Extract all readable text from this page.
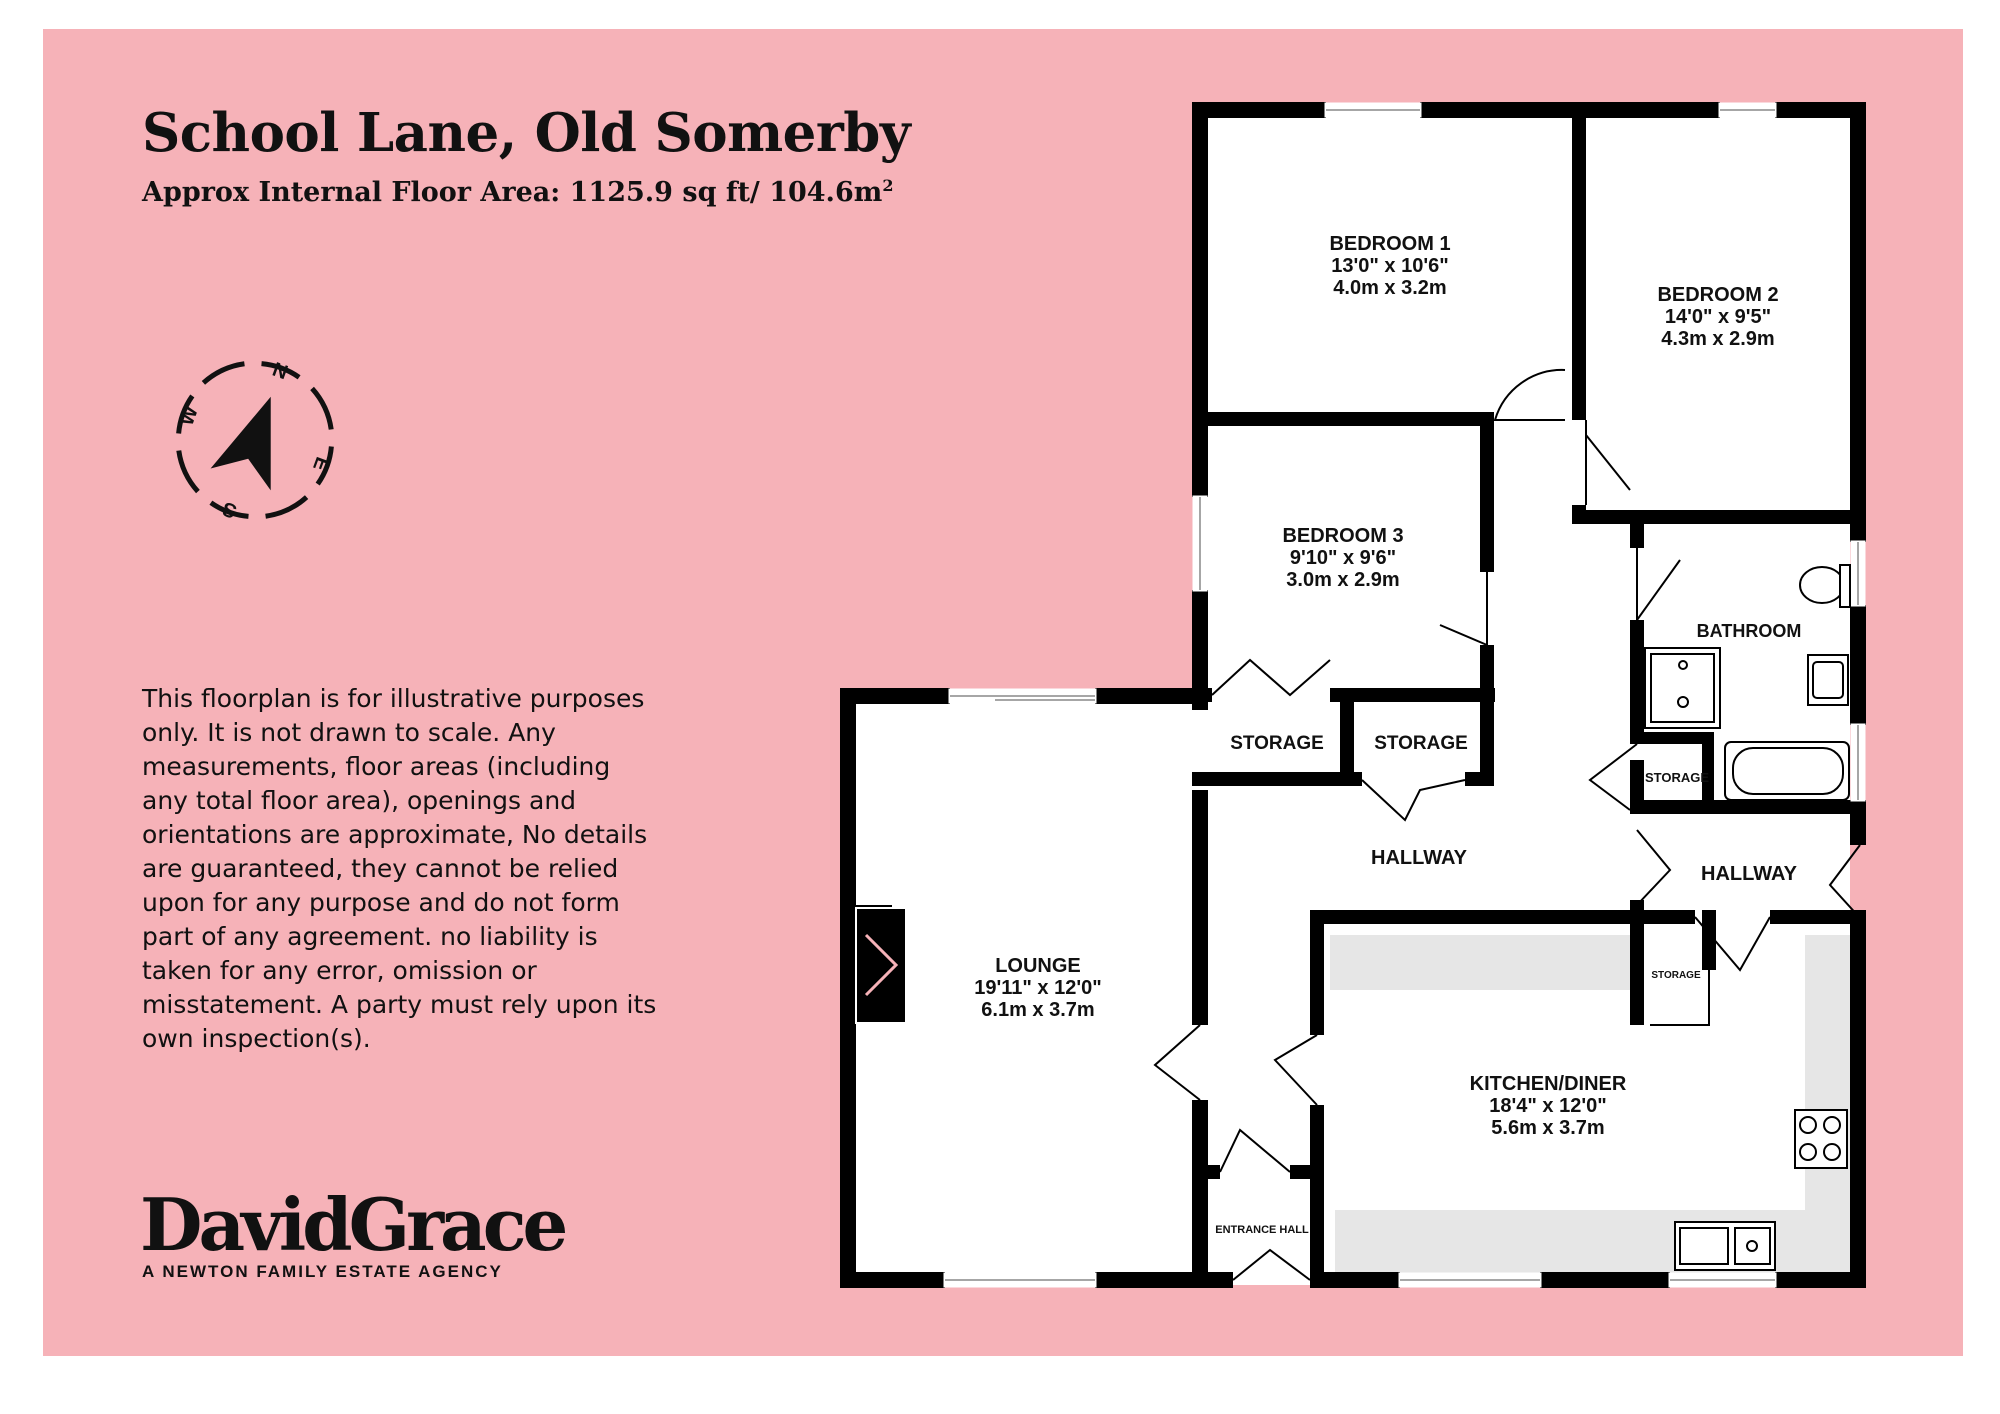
School Lane, Old Somerby
Approx Internal Floor Area: 1125.9 sq ft/ $104.6m^2$
N
E
S
W
This floorplan is for illustrative purposes only. It is not drawn to scale. Any measurements, floor areas (including any total floor area), openings and orientations are approximate, No details are guaranteed, they cannot be relied upon for any purpose and do not form part of any agreement. no liability is taken for any error, omission or misstatement. A party must rely upon its own inspection(s).
DavidGrace
A NEWTON FAMILY ESTATE AGENCY
BEDROOM 1
13'0" x 10'6"
4.0m x 3.2m	BEDROOM 2
14'0" x 9'5"
4.3m x 2.9m
BEDROOM 3
9'10" x 9'6"
3.0m x 2.9m
LOUNGE
19'11" x 12'0"
6.1m x 3.7m
KITCHEN/DINER
18'4" x 12'0"
5.6m x 3.7m
BATHROOM
STORAGE	STORAGE
STORAGE
STORAGE
HALLWAY
HALLWAY
ENTRANCE HALL
